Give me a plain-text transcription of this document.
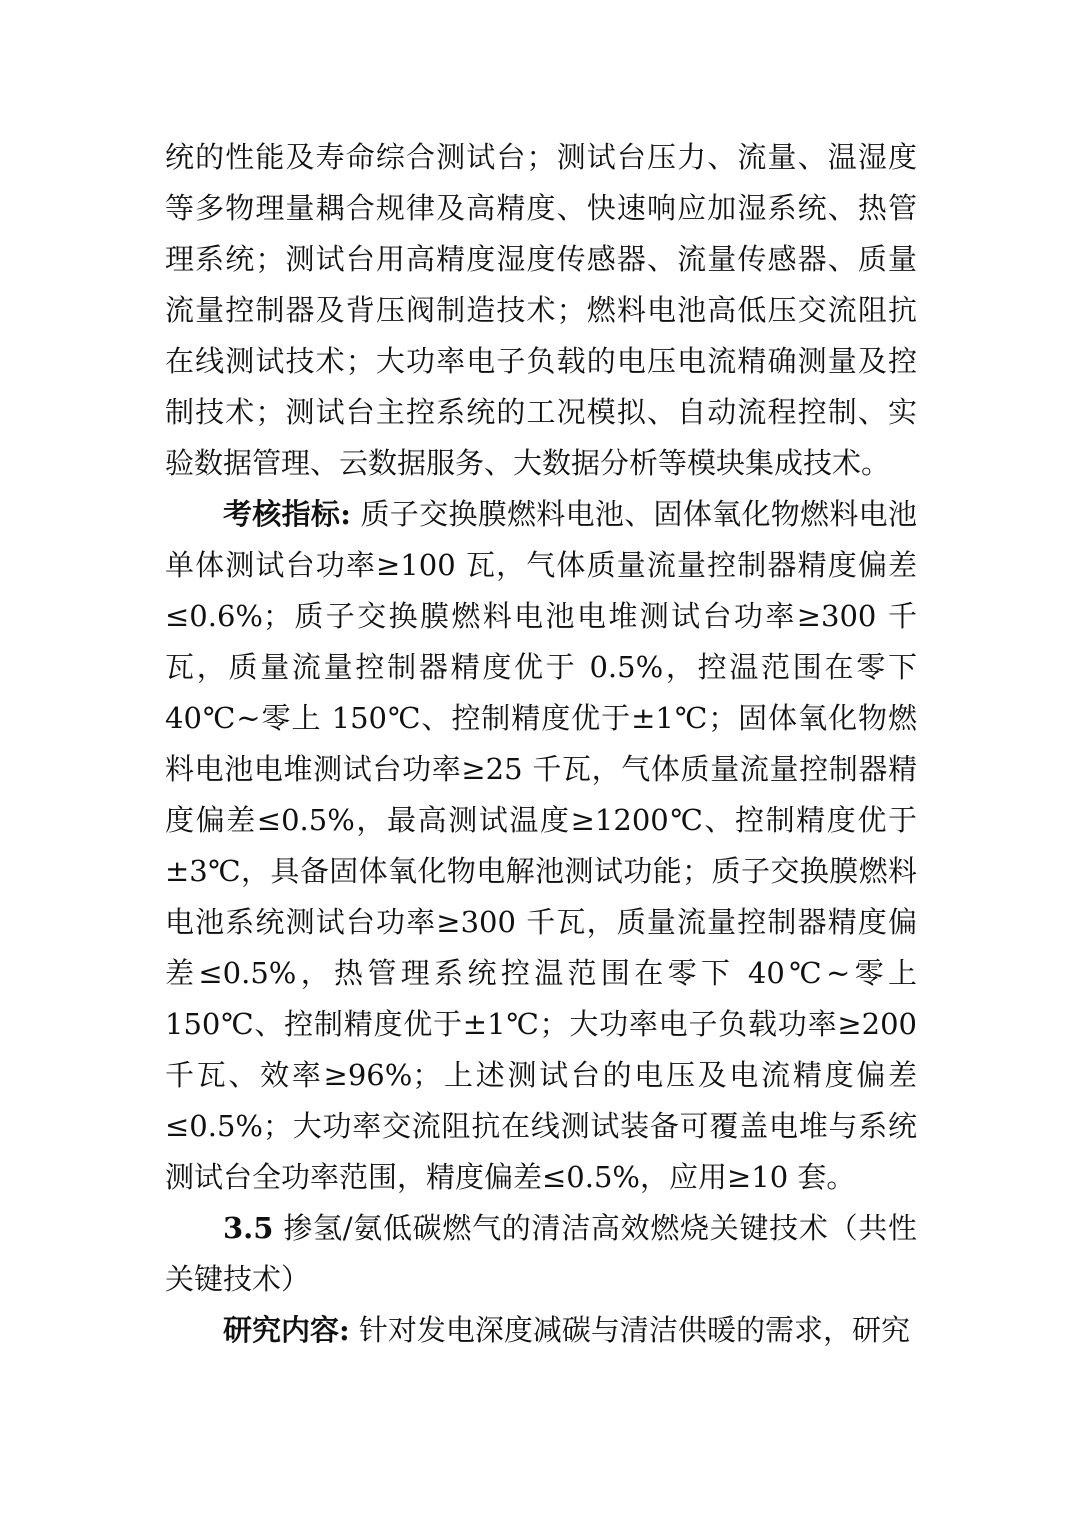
统的性能及寿命综合测试台；测试台压力、流量、温湿度等多物理量耦合规律及高精度、快速响应加湿系统、热管理系统；测试台用高精度湿度传感器、流量传感器、质量流量控制器及背压阀制造技术；燃料电池高低压交流阻抗在线测试技术；大功率电子负载的电压电流精确测量及控制技术；测试台主控系统的工况模拟、自动流程控制、实验数据管理、云数据服务、大数据分析等模块集成技术。

考核指标: 质子交换膜燃料电池、固体氧化物燃料电池单体测试台功率≥100 瓦，气体质量流量控制器精度偏差≤0.6%；质子交换膜燃料电池电堆测试台功率≥300 千瓦，质量流量控制器精度优于 0.5%，控温范围在零下 40℃~零上 150℃、控制精度优于±1℃；固体氧化物燃料电池电堆测试台功率≥25 千瓦，气体质量流量控制器精度偏差≤0.5%，最高测试温度≥1200℃、控制精度优于±3℃，具备固体氧化物电解池测试功能；质子交换膜燃料电池系统测试台功率≥300 千瓦，质量流量控制器精度偏差≤0.5%，热管理系统控温范围在零下 40℃~零上 150℃、控制精度优于±1℃；大功率电子负载功率≥200 千瓦、效率≥96%；上述测试台的电压及电流精度偏差≤0.5%；大功率交流阻抗在线测试装备可覆盖电堆与系统测试台全功率范围，精度偏差≤0.5%，应用≥10 套。

3.5 掺氢/氨低碳燃气的清洁高效燃烧关键技术（共性关键技术）

研究内容: 针对发电深度减碳与清洁供暖的需求，研究
